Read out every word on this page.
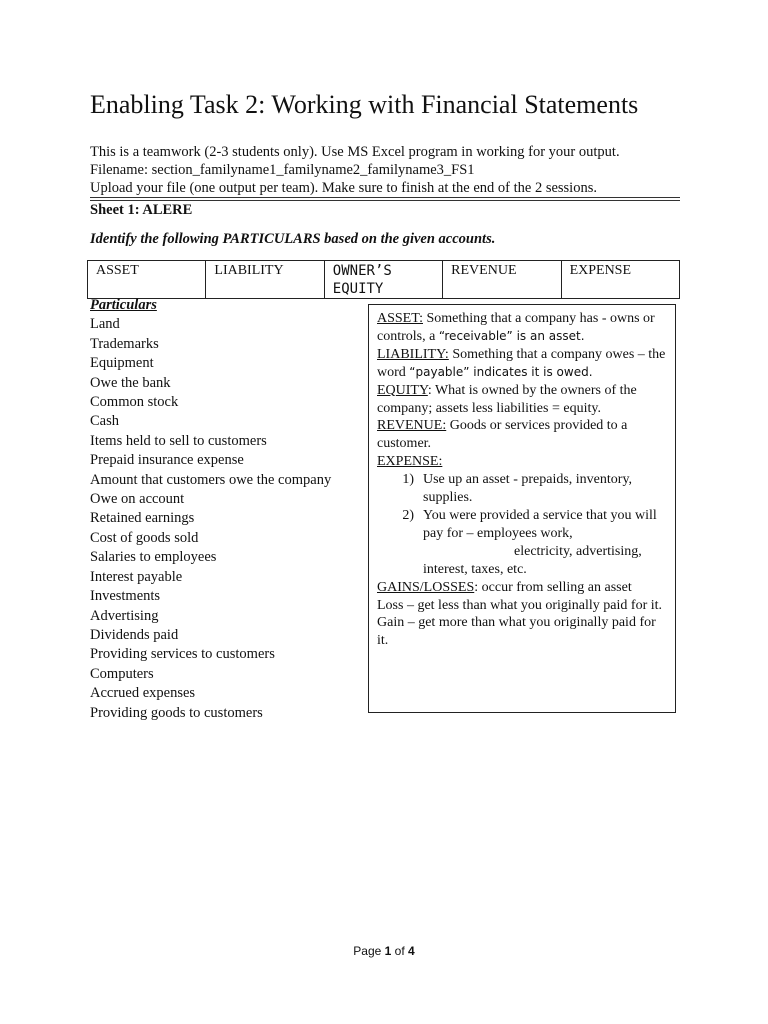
Enabling Task 2: Working with Financial Statements
This is a teamwork (2-3 students only). Use MS Excel program in working for your output.
Filename: section_familyname1_familyname2_familyname3_FS1
Upload your file (one output per team). Make sure to finish at the end of the 2 sessions.
Sheet 1: ALERE
Identify the following PARTICULARS based on the given accounts.
ASSET	LIABILITY	OWNER’S EQUITY	REVENUE	EXPENSE
Particulars
Land
Trademarks
Equipment
Owe the bank
Common stock
Cash
Items held to sell to customers
Prepaid insurance expense
Amount that customers owe the company
Owe on account
Retained earnings
Cost of goods sold
Salaries to employees
Interest payable
Investments
Advertising
Dividends paid
Providing services to customers
Computers
Accrued expenses
Providing goods to customers

ASSET: Something that a company has - owns or controls, a “receivable” is an asset.

LIABILITY: Something that a company owes – the word “payable” indicates it is owed.

EQUITY: What is owned by the owners of the company; assets less liabilities = equity.

REVENUE: Goods or services provided to a customer.

EXPENSE:

1. Use up an asset - prepaids, inventory, supplies.
2. You were provided a service that you will pay for – employees work,

electricity, advertising,

interest, taxes, etc.

GAINS/LOSSES: occur from selling an asset

Loss – get less than what you originally paid for it.

Gain – get more than what you originally paid for it.

Page 1 of 4
